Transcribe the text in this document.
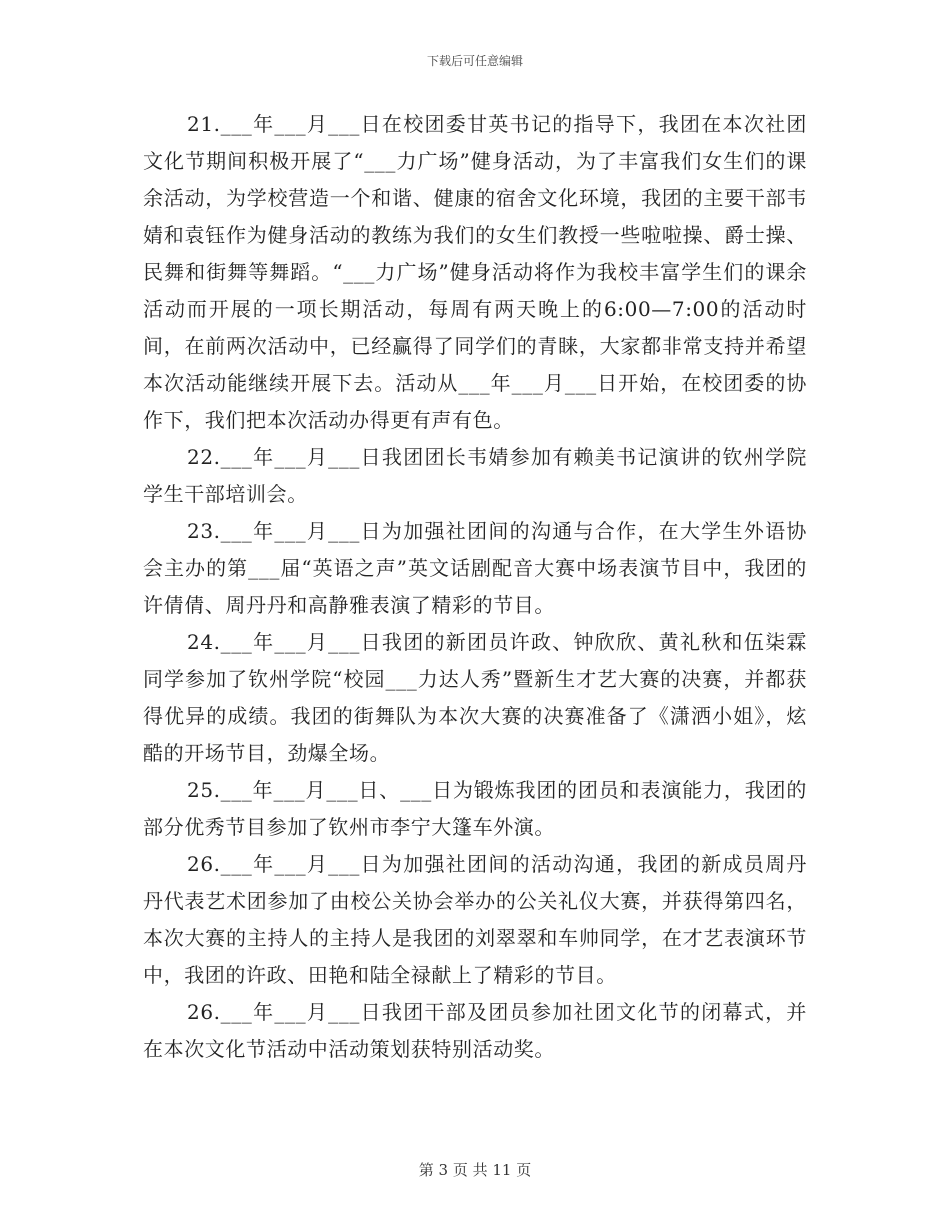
下载后可任意编辑

21.___年___月___日在校团委甘英书记的指导下，我团在本次社团文化节期间积极开展了“___力广场”健身活动，为了丰富我们女生们的课余活动，为学校营造一个和谐、健康的宿舍文化环境，我团的主要干部韦婧和袁钰作为健身活动的教练为我们的女生们教授一些啦啦操、爵士操、民舞和街舞等舞蹈。“___力广场”健身活动将作为我校丰富学生们的课余活动而开展的一项长期活动，每周有两天晚上的6:00—7:00的活动时间，在前两次活动中，已经赢得了同学们的青睐，大家都非常支持并希望本次活动能继续开展下去。活动从___年___月___日开始，在校团委的协作下，我们把本次活动办得更有声有色。

22.___年___月___日我团团长韦婧参加有赖美书记演讲的钦州学院学生干部培训会。

23.___年___月___日为加强社团间的沟通与合作，在大学生外语协会主办的第___届“英语之声”英文话剧配音大赛中场表演节目中，我团的许倩倩、周丹丹和高静雅表演了精彩的节目。

24.___年___月___日我团的新团员许政、钟欣欣、黄礼秋和伍柒霖同学参加了钦州学院“校园___力达人秀”暨新生才艺大赛的决赛，并都获得优异的成绩。我团的街舞队为本次大赛的决赛准备了《潇洒小姐》，炫酷的开场节目，劲爆全场。

25.___年___月___日、___日为锻炼我团的团员和表演能力，我团的部分优秀节目参加了钦州市李宁大篷车外演。

26.___年___月___日为加强社团间的活动沟通，我团的新成员周丹丹代表艺术团参加了由校公关协会举办的公关礼仪大赛，并获得第四名，本次大赛的主持人的主持人是我团的刘翠翠和车帅同学，在才艺表演环节中，我团的许政、田艳和陆全禄献上了精彩的节目。

26.___年___月___日我团干部及团员参加社团文化节的闭幕式，并在本次文化节活动中活动策划获特别活动奖。

第 3 页 共 11 页
